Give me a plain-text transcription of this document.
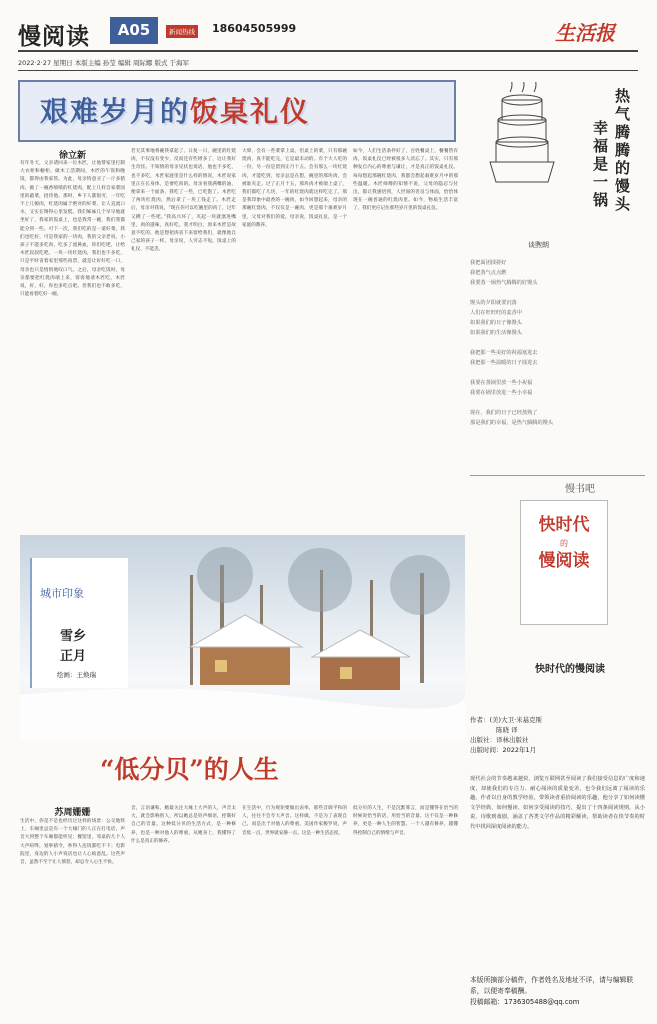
慢阅读	A05	新闻热线 18604505999	生活报
2022·2·27 星期日 本版主编 孙莹 编辑 周际娜 版式 于海军
艰难岁月的饭桌礼仪
徐立新
有年冬天，父亲诸回来一位木匠，让他帮家里打制大衣柜和橱柜。做木工活期间，木匠的午饭和晚饭，都得由我家管。为此，母亲特意买了一斤多猪肉，做了一碗香喷喷的红烧肉，配上几样自家菜园里的蔬菜，招待他。那时，乡下人都很穷，一年吃不上几顿肉，红烧肉属于绝对的好菜，让人直流口水，又实在馋得心里发慌。我们姊妹几个早早地就坐好了，我家的饭桌上，也是我常一碗，我们我都能分到一些。可下一次，我们吃的是一道好菜，我们也吃好。可是我家的一块肉，我的父亲老说，小孩子不能多吃肉，吃多了流鼻血，你们吃吧，让给木匠叔叔吃吧。一块一块红烧肉，我们也不多吃，只是平时省着家里那些肉票，就是让好好吃一口，母亲也只是悄悄地叹口气。之后，母亲吃饭时，母亲都要把红烧肉端上来，客客地请木匠吃，木匠说，好，好，你也多吃点吧。但我们也不敢多吃，只能看着吃好一碗。
若无其事地将碗筷拿起了。日复一日，碗里的红烧肉，不仅没有变少，反而还有些增多了，这让我好生奇怪。不知情的母亲见状也说话，他也不多吃，也不多吃，木匠家庭里是什么样的情况，木匠说家里正在长身体，是要吃肉的。母亲看我满嘴的油，便拿来一个面条，我吃了一些，已吃饱了。木匠吃了两块红烧肉，然后拿了一块工钱走了。木匠走后，母亲对我说，“现在你可以吃碗里的肉了，过年又攒了一些吧。”我高兴坏了，夹起一块就塞进嘴里，肉的滋味，真好吃。我才明白，原来木匠是故意不吃的，他是想把肉省下来留给我们，就像他自己家的孩子一样。母亲说，人穷志不短，饭桌上的礼仪，不能丢。
大晕，会有一些菜掌上桌。但桌上的菜，只有那碗烧肉，真不能吃完，它是最未动的。有个大人吃的一份，另一份是留到正月十五。会有那么一块红烧肉，才能吃到，母亲总是在想，碗里的那块肉，会被谁夹走。过了正月十五，那块肉才被端上桌了，我们都吃了几块，一年的红烧肉就这样吃完了。那是我印象中最香的一碗肉，如今回想起来，母亲的那碗红烧肉，不仅仅是一碗肉，更是那个艰难岁月里，父母对我们的爱。母亲说，饭桌礼仪，是一个家庭的教养。
如今，人们生活条件好了，百姓餐桌上，餐餐皆有肉，饭桌礼仪已经被很多人淡忘了。其实，只有那种发自内心的尊重与谦让，才是真正的饭桌礼仪。每每想起那碗红烧肉，我都会想起艰难岁月中的那些温暖。木匠师傅的知情不说，父母的隐忍与付出，都让我感悟到，人世间的善良与体面，恰恰体现在一碗普通的红烧肉里。如今，物质生活丰富了，我们更应记住那些岁月里的饭桌礼仪。	热气腾腾的馒头
幸福是一锅
谈煦朗
我把面团揉搓好
我把蒸气点点燃
我要蒸一锅热气腾腾的好馒头

馒头的夕阳就要沉落
人们在旺旺旺的麦香中
如果我们的日子像馒头
如果我们的生活像馒头

我把那一些美好的祝福塞进去
我把那一些温暖的日子揉进去

我要在蒸锅里放一些小祝福
我要在锅里放进一些小幸福

现在，我们的日子已经蒸熟了
那是我们的幸福，是热气腾腾的馒头
城市印象
雪乡
正月
绘画：王焕瑞
“低分贝”的人生
苏周姗姗
生活中，你是不是也经历过这样的场景：公交地铁上，车厢里总是有一个大嗓门的人正在打电话，声音大到整个车厢都能听见；餐馆里，邻桌的几个人大声喧哗，划拳猜令，吵得人连饭都吃不下；电影院里，身边的人小声说话也让人心烦意乱。这些声音，虽然不至于让人愤怒，却总令人心生不快。
音，言语谦和。她最关注大缘上大声的人，声音太大，就会影响别人，所以她总是轻声细语，控制好自己的音量。这种低分贝的生活方式，是一种修养，也是一种对他人的尊重。从她身上，我懂得了什么是真正的修养。
在生活中，行为规矩要做出表率，那些音调平和的人，往往不会夸大声音。这样做，不是为了表现自己，而是出于对他人的尊重。美国作家梭罗说，声音低一点，世界就安静一点。这是一种生活态度。
低分贝的人生，不是沉默寡言，而是懂得在恰当的时候说恰当的话，用恰当的音量。这不仅是一种修养，更是一种人生的智慧。一个人越有修养，越懂得控制自己的情绪与声音。
慢书吧
快时代
的
慢阅读
快时代的慢阅读
作者：(美)大卫·米基克斯
陈晓 译
出版社：译林出版社
出版时间：2022年1月
现代社会的节奏越来越快，浏览互联网甚至阅读了我们接受信息的广度和速度，却使我们的专注力、耐心阅读的质量变差，也令我们远离了阅读的乐趣。作者以自身的教学经验，带领读者重拾阅读的乐趣，他分享了如何读懂文学经典、如何慢读、如何享受阅读的技巧，提出了十四条阅读规则，从小说、诗歌到戏剧，涵盖了各类文学作品的精彩解读，帮助读者在快节奏的时代中找回深度阅读的能力。
本版所摘部分稿件，作者姓名及地址不详，请与编辑联系，以便寄奉稿酬。
投稿邮箱：1736305488@qq.com
